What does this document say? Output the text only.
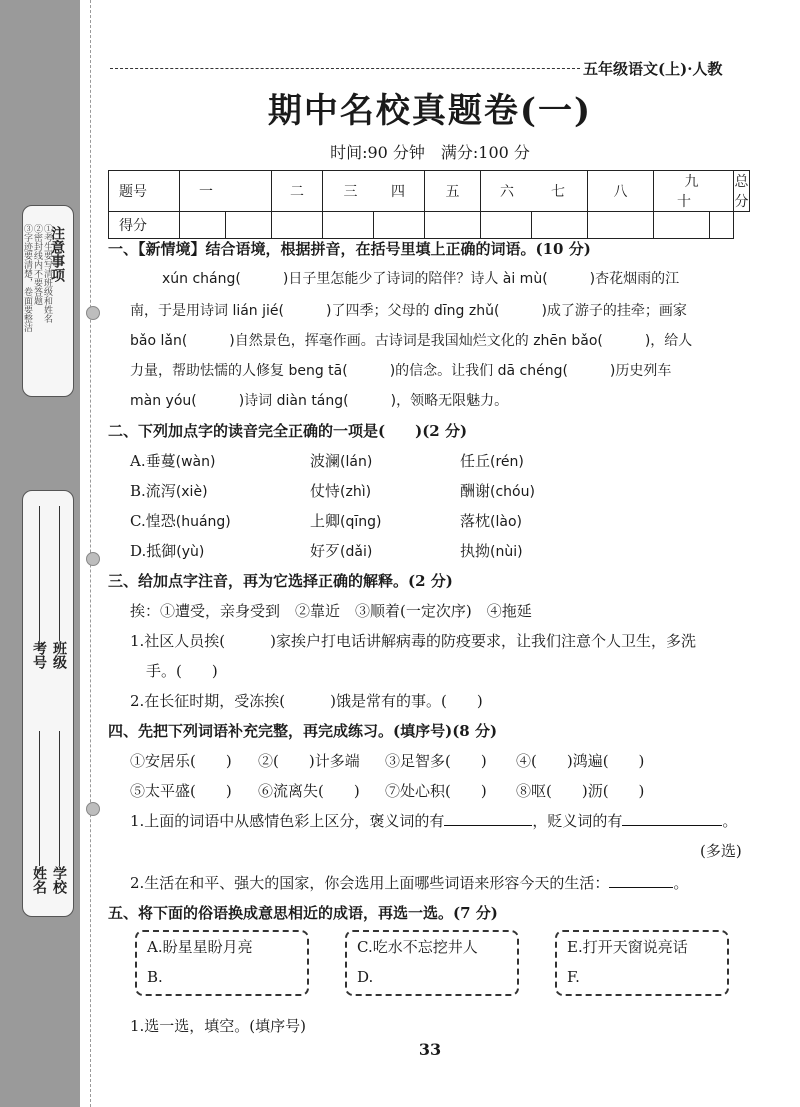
注意事项
①考生要写清班级和姓名
②密封线内不要答题
③字迹要清楚，卷面要整洁
班级
考号
学校
姓名
五年级语文(上)·人教
期中名校真题卷(一)
时间:90 分钟　满分:100 分
题号	一		二	三 四		五	六 七		八	九十		总分
得分												
一、【新情境】结合语境，根据拼音，在括号里填上正确的词语。(10 分)
xún cháng(　　　)日子里怎能少了诗词的陪伴？诗人 ài mù(　　　)杏花烟雨的江
南，于是用诗词 lián jié(　　　)了四季；父母的 dīng zhǔ(　　　)成了游子的挂牵；画家
bǎo lǎn(　　　)自然景色，挥毫作画。古诗词是我国灿烂文化的 zhēn bǎo(　　　)，给人
力量，帮助怯懦的人修复 beng tā(　　　)的信念。让我们 dā chéng(　　　)历史列车
màn yóu(　　　)诗词 diàn táng(　　　)，领略无限魅力。
二、下列加点字的读音完全正确的一项是(　　)(2 分)
A.垂蔓(wàn)	波澜(lán)	任丘(rén)
B.流泻(xiè)	仗恃(zhì)	酬谢(chóu)
C.惶恐(huáng)	上卿(qīng)	落枕(lào)
D.抵御(yù)	好歹(dǎi)	执拗(nùi)
三、给加点字注音，再为它选择正确的解释。(2 分)
挨：①遭受，亲身受到　②靠近　③顺着(一定次序)　④拖延
1.社区人员挨(　　　)家挨户打电话讲解病毒的防疫要求，让我们注意个人卫生，多洗
手。(　　)
2.在长征时期，受冻挨(　　　)饿是常有的事。(　　)
四、先把下列词语补充完整，再完成练习。(填序号)(8 分)
①安居乐(　　) ②(　　)计多端 ③足智多(　　) ④(　　)鸿遍(　　)
⑤太平盛(　　) ⑥流离失(　　) ⑦处心积(　　) ⑧呕(　　)沥(　　)
1.上面的词语中从感情色彩上区分，褒义词的有	，贬义词的有	。
(多选)
2.生活在和平、强大的国家，你会选用上面哪些词语来形容今天的生活：	。
五、将下面的俗语换成意思相近的成语，再选一选。(7 分)
A.盼星星盼月亮
B.
C.吃水不忘挖井人
D.
E.打开天窗说亮话
F.
1.选一选，填空。(填序号)
33
